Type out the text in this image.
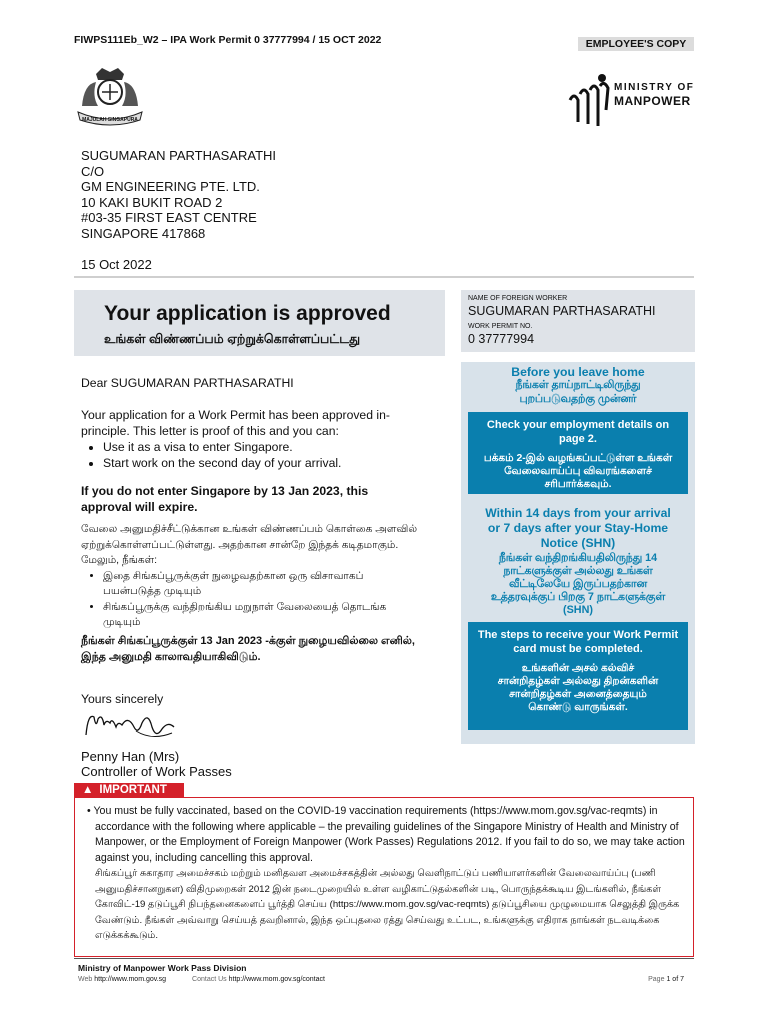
FIWPS111Eb_W2 – IPA Work Permit 0 37777994 / 15 OCT 2022	EMPLOYEE'S COPY
MAJULAH SINGAPURA
MINISTRY OF
MANPOWER
SUGUMARAN PARTHASARATHI
C/O
GM ENGINEERING PTE. LTD.
10 KAKI BUKIT ROAD 2
#03-35 FIRST EAST CENTRE
SINGAPORE 417868
15 Oct 2022
Your application is approved
உங்கள் விண்ணப்பம் ஏற்றுக்கொள்ளப்பட்டது
NAME OF FOREIGN WORKER
SUGUMARAN PARTHASARATHI
WORK PERMIT NO.
0 37777994
Dear SUGUMARAN PARTHASARATHI
Your application for a Work Permit has been approved in-principle. This letter is proof of this and you can:
• Use it as a visa to enter Singapore.
• Start work on the second day of your arrival.
If you do not enter Singapore by 13 Jan 2023, this approval will expire.
வேலை அனுமதிச்சீட்டுக்கான உங்கள் விண்ணப்பம் கொள்கை அளவில் ஏற்றுக்கொள்ளப்பட்டுள்ளது. அதற்கான சான்றே இந்தக் கடிதமாகும். மேலும், நீங்கள்:
• இதை சிங்கப்பூருக்குள் நுழைவதற்கான ஒரு விசாவாகப் பயன்படுத்த முடியும்
• சிங்கப்பூருக்கு வந்திறங்கிய மறுநாள் வேலையைத் தொடங்க முடியும்
நீங்கள் சிங்கப்பூருக்குள் 13 Jan 2023 -க்குள் நுழையவில்லை எனில், இந்த அனுமதி காலாவதியாகிவிடும்.
Yours sincerely
Penny Han (Mrs)
Controller of Work Passes
Before you leave home
நீங்கள் தாய்நாட்டிலிருந்து புறப்படுவதற்கு முன்னர்
Check your employment details on page 2.
பக்கம் 2-இல் வழங்கப்பட்டுள்ள உங்கள் வேலைவாய்ப்பு விவரங்களைச் சரிபார்க்கவும்.
Within 14 days from your arrival or 7 days after your Stay-Home Notice (SHN)
நீங்கள் வந்திறங்கியதிலிருந்து 14 நாட்களுக்குள் அல்லது உங்கள் வீட்டிலேயே இருப்பதற்கான உத்தரவுக்குப் பிறகு 7 நாட்களுக்குள் (SHN)
The steps to receive your Work Permit card must be completed.
உங்களின் அசல் கல்விச் சான்றிதழ்கள் அல்லது திறன்களின் சான்றிதழ்கள் அனைத்தையும் கொண்டு வாருங்கள்.
▲ IMPORTANT
• You must be fully vaccinated, based on the COVID-19 vaccination requirements (https://www.mom.gov.sg/vac-reqmts) in accordance with the following where applicable – the prevailing guidelines of the Singapore Ministry of Health and Ministry of Manpower, or the Employment of Foreign Manpower (Work Passes) Regulations 2012. If you fail to do so, we may take action against you, including cancelling this approval.
சிங்கப்பூர் சுகாதார அமைச்சகம் மற்றும் மனிதவள அமைச்சகத்தின் அல்லது வெளிநாட்டுப் பணியாளர்களின் வேலைவாய்ப்பு (பணி அனுமதிச்சானறுகள) விதிமுறைகள் 2012 இன் நடைமுறையில் உள்ள வழிகாட்டுதல்களின் படி, பொருந்தக்கூடிய இடங்களில், நீங்கள் கோவிட்-19 தடுப்பூசி நிபந்தனைகளைப் பூர்த்தி செய்ய (https://www.mom.gov.sg/vac-reqmts) தடுப்பூசியை முழுமையாக செலுத்தி இருக்க வேண்டும். நீங்கள் அவ்வாறு செய்யத் தவறினால், இந்த ஒப்புதலை ரத்து செய்வது உட்பட, உங்களுக்கு எதிராக நாங்கள் நடவடிக்கை எடுக்கக்கூடும்.
Ministry of Manpower Work Pass Division
Web http://www.mom.gov.sg	Contact Us http://www.mom.gov.sg/contact	Page 1 of 7
